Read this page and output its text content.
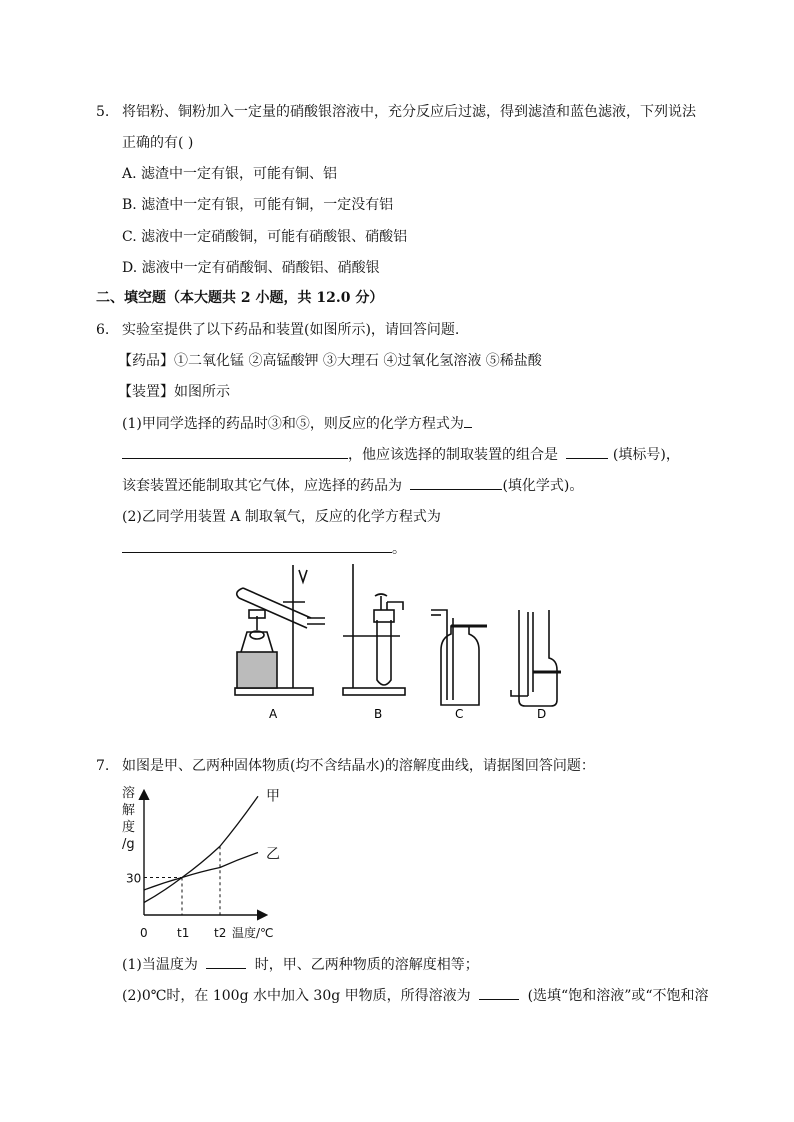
5. 将铝粉、铜粉加入一定量的硝酸银溶液中，充分反应后过滤，得到滤渣和蓝色滤液，下列说法
正确的有( )
A. 滤渣中一定有银，可能有铜、铝
B. 滤渣中一定有银，可能有铜，一定没有铝
C. 滤液中一定硝酸铜，可能有硝酸银、硝酸铝
D. 滤液中一定有硝酸铜、硝酸铝、硝酸银
二、填空题（本大题共 2 小题，共 12.0 分）
6. 实验室提供了以下药品和装置(如图所示)，请回答问题.
【药品】①二氧化锰 ②高锰酸钾 ③大理石 ④过氧化氢溶液 ⑤稀盐酸
【装置】如图所示
(1)甲同学选择的药品时③和⑤，则反应的化学方程式为
，他应该选择的制取装置的组合是	(填标号)，
该套装置还能制取其它气体，应选择的药品为	(填化学式)。
(2)乙同学用装置 A 制取氧气，反应的化学方程式为
。
A	B	C	D
7. 如图是甲、乙两种固体物质(均不含结晶水)的溶解度曲线，请据图回答问题：
溶
解
度
/g
甲
乙
30
0 t1 t2 温度/℃
(1)当温度为	时，甲、乙两种物质的溶解度相等；
(2)0℃时，在 100g 水中加入 30g 甲物质，所得溶液为	(选填“饱和溶液”或“不饱和溶
